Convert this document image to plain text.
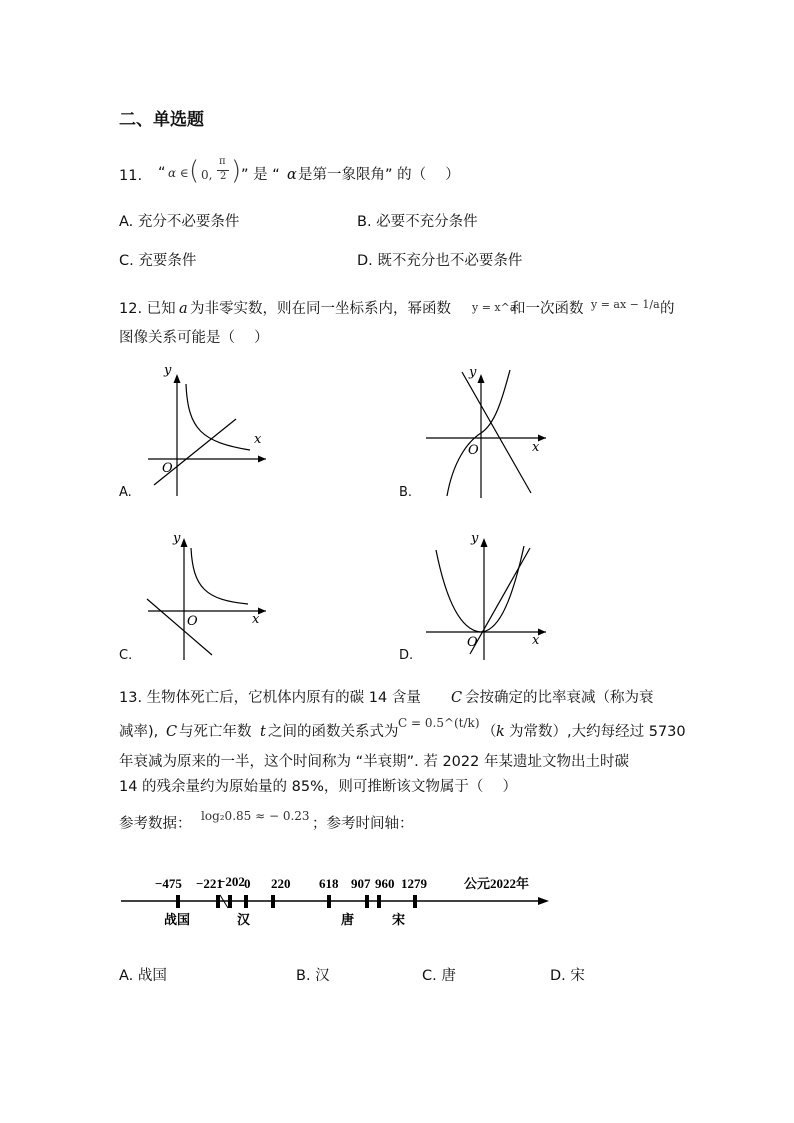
二、单选题
11. “ α ∈ ( 0,
π
2 ) ” 是 “ α 是第一象限角” 的（　 ）
A. 充分不必要条件	B. 必要不充分条件
C. 充要条件	D. 既不充分也不必要条件
12. 已知 a 为非零实数，则在同一坐标系内，幂函数 y = x^a
和一次函数 y = ax − 1/a 的
图像关系可能是（　 ）
y
x
O
A.
y
x
O
B.
y
x
O
C.
y
x
O
D.
13. 生物体死亡后，它机体内原有的碳 14 含量 C 会按确定的比率衰减（称为衰
减率), C 与死亡年数 t 之间的函数关系式为
C = 0.5^(t/k)
（ k 为常数）,大约每经过 5730
年衰减为原来的一半，这个时间称为 “半衰期”. 若 2022 年某遗址文物出土时碳
14 的残余量约为原始量的 85%，则可推断该文物属于（　 ）
参考数据： log₂0.85 ≈ − 0.23 ；参考时间轴：
−475 −221
−202 0 220 618 907 960 1279	公元2022年
战国	汉	唐	宋
A. 战国	B. 汉	C. 唐	D. 宋
